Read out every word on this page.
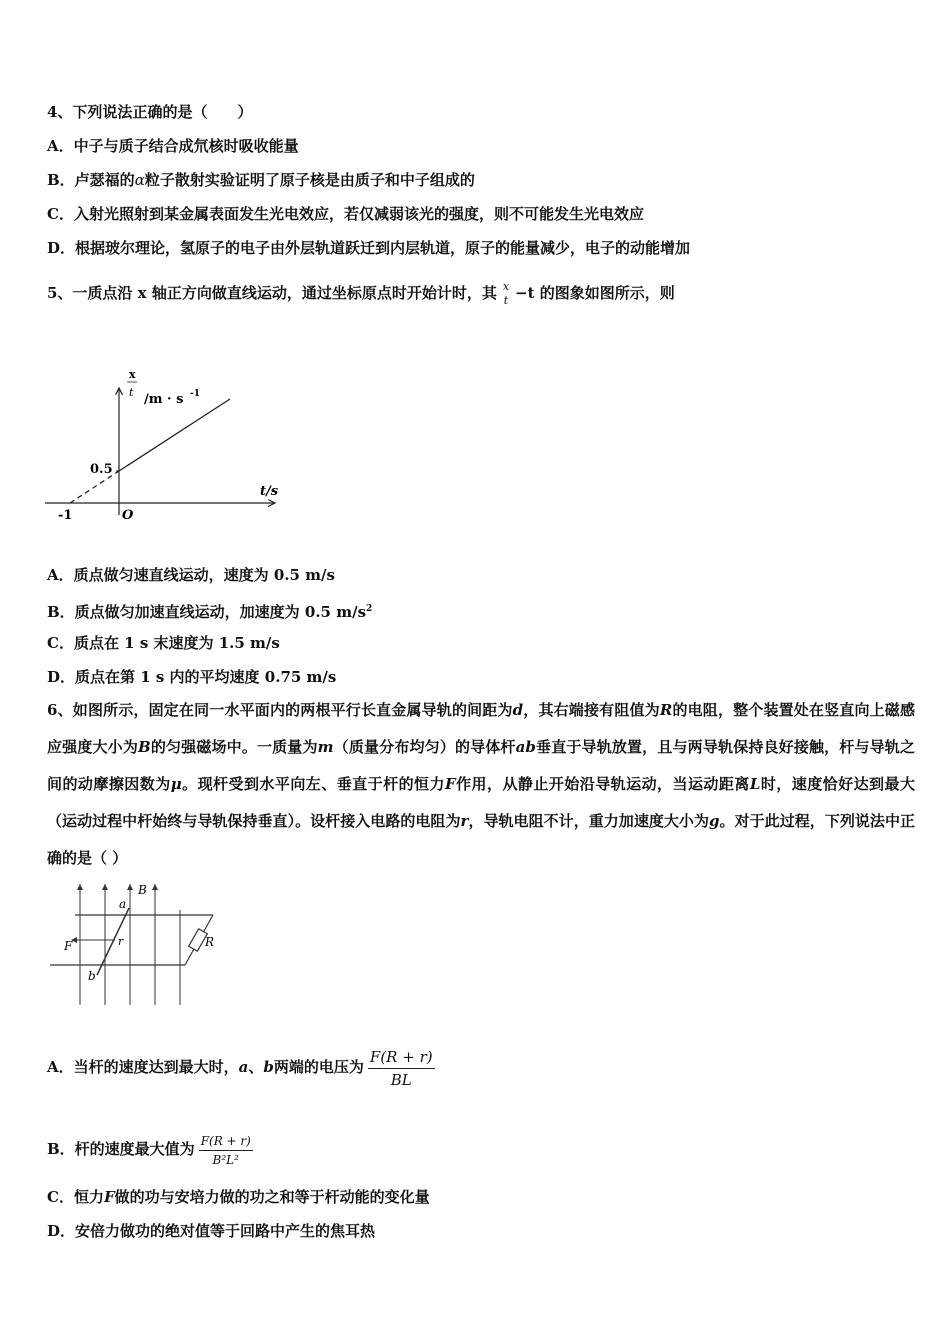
4、下列说法正确的是（　　）
A．中子与质子结合成氘核时吸收能量
B．卢瑟福的α粒子散射实验证明了原子核是由质子和中子组成的
C．入射光照射到某金属表面发生光电效应，若仅减弱该光的强度，则不可能发生光电效应
D．根据玻尔理论，氢原子的电子由外层轨道跃迁到内层轨道，原子的能量减少，电子的动能增加
5、一质点沿 x 轴正方向做直线运动，通过坐标原点时开始计时，其 x
t −t 的图象如图所示，则
x
t /m · s -1
t/s
0.5
-1	O
A．质点做匀速直线运动，速度为 0.5 m/s
B．质点做匀加速直线运动，加速度为 0.5 $m/s^2$
C．质点在 1 s 末速度为 1.5 m/s
D．质点在第 1 s 内的平均速度 0.75 m/s
6、如图所示，固定在同一水平面内的两根平行长直金属导轨的间距为d，其右端接有阻值为R的电阻，整个装置处在竖直向上磁感应强度大小为B的匀强磁场中。一质量为m（质量分布均匀）的导体杆ab垂直于导轨放置，且与两导轨保持良好接触，杆与导轨之间的动摩擦因数为μ。现杆受到水平向左、垂直于杆的恒力F作用，从静止开始沿导轨运动，当运动距离L时，速度恰好达到最大（运动过程中杆始终与导轨保持垂直）。设杆接入电路的电阻为r，导轨电阻不计，重力加速度大小为g。对于此过程，下列说法中正确的是（ ）
a
B
F	r
b
R
A．当杆的速度达到最大时，a、b两端的电压为 $\frac{F(R + r)}{BL}$
B．杆的速度最大值为 $\frac{F(R + r)}{\text{B²L²}}$
C．恒力F做的功与安培力做的功之和等于杆动能的变化量
D．安倍力做功的绝对值等于回路中产生的焦耳热
